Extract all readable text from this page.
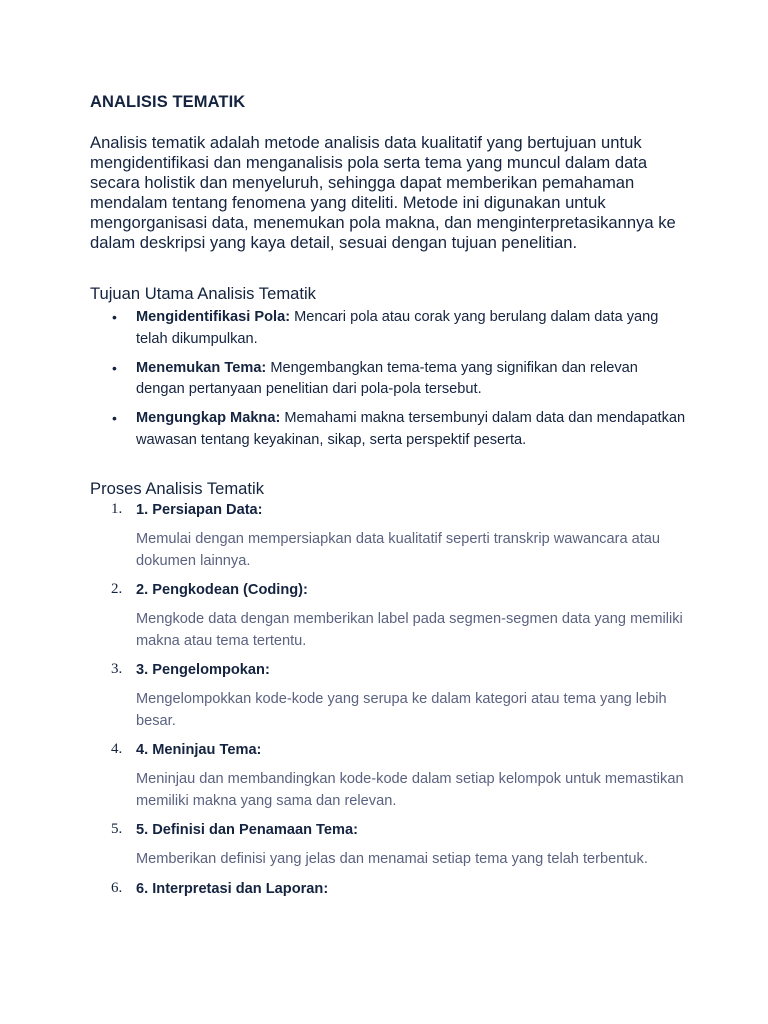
ANALISIS TEMATIK

Analisis tematik adalah metode analisis data kualitatif yang bertujuan untuk mengidentifikasi dan menganalisis pola serta tema yang muncul dalam data secara holistik dan menyeluruh, sehingga dapat memberikan pemahaman mendalam tentang fenomena yang diteliti. Metode ini digunakan untuk mengorganisasi data, menemukan pola makna, dan menginterpretasikannya ke dalam deskripsi yang kaya detail, sesuai dengan tujuan penelitian.

Tujuan Utama Analisis Tematik
• Mengidentifikasi Pola: Mencari pola atau corak yang berulang dalam data yang telah dikumpulkan.
• Menemukan Tema: Mengembangkan tema-tema yang signifikan dan relevan dengan pertanyaan penelitian dari pola-pola tersebut.
• Mengungkap Makna: Memahami makna tersembunyi dalam data dan mendapatkan wawasan tentang keyakinan, sikap, serta perspektif peserta.
Proses Analisis Tematik
1. 1. Persiapan Data:

Memulai dengan mempersiapkan data kualitatif seperti transkrip wawancara atau dokumen lainnya.

2. 2. Pengkodean (Coding):

Mengkode data dengan memberikan label pada segmen-segmen data yang memiliki makna atau tema tertentu.

3. 3. Pengelompokan:

Mengelompokkan kode-kode yang serupa ke dalam kategori atau tema yang lebih besar.

4. 4. Meninjau Tema:

Meninjau dan membandingkan kode-kode dalam setiap kelompok untuk memastikan memiliki makna yang sama dan relevan.

5. 5. Definisi dan Penamaan Tema:

Memberikan definisi yang jelas dan menamai setiap tema yang telah terbentuk.

6. 6. Interpretasi dan Laporan:
